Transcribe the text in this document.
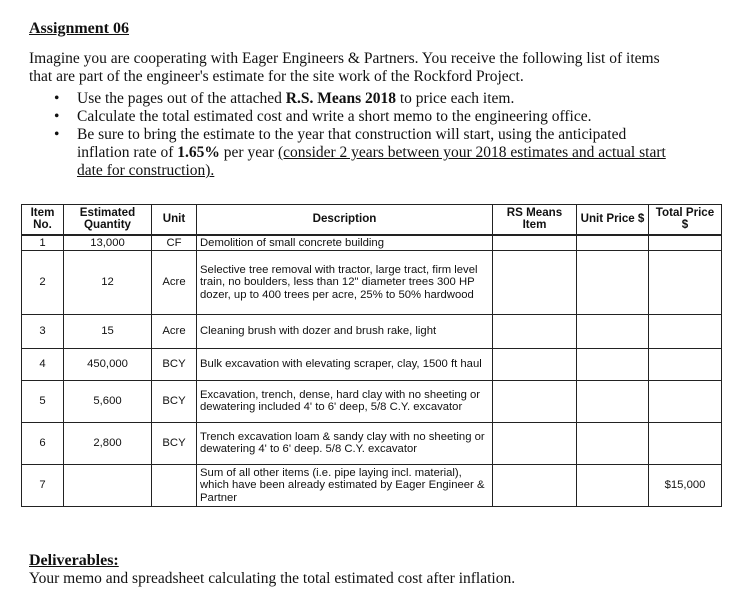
Assignment 06
Imagine you are cooperating with Eager Engineers & Partners. You receive the following list of items that are part of the engineer's estimate for the site work of the Rockford Project.
• Use the pages out of the attached R.S. Means 2018 to price each item.
• Calculate the total estimated cost and write a short memo to the engineering office.
• Be sure to bring the estimate to the year that construction will start, using the anticipated inflation rate of 1.65% per year (consider 2 years between your 2018 estimates and actual start date for construction).
Item No.	Estimated Quantity	Unit	Description	RS Means Item	Unit Price $	Total Price $
1	13,000	CF	Demolition of small concrete building			
2	12	Acre	Selective tree removal with tractor, large tract, firm level train, no boulders, less than 12" diameter trees 300 HP dozer, up to 400 trees per acre, 25% to 50% hardwood			
3	15	Acre	Cleaning brush with dozer and brush rake, light			
4	450,000	BCY	Bulk excavation with elevating scraper, clay, 1500 ft haul			
5	5,600	BCY	Excavation, trench, dense, hard clay with no sheeting or dewatering included 4' to 6' deep, 5/8 C.Y. excavator			
6	2,800	BCY	Trench excavation loam & sandy clay with no sheeting or dewatering 4' to 6' deep. 5/8 C.Y. excavator			
7			Sum of all other items (i.e. pipe laying incl. material), which have been already estimated by Eager Engineer & Partner			$15,000
Deliverables:
Your memo and spreadsheet calculating the total estimated cost after inflation.
